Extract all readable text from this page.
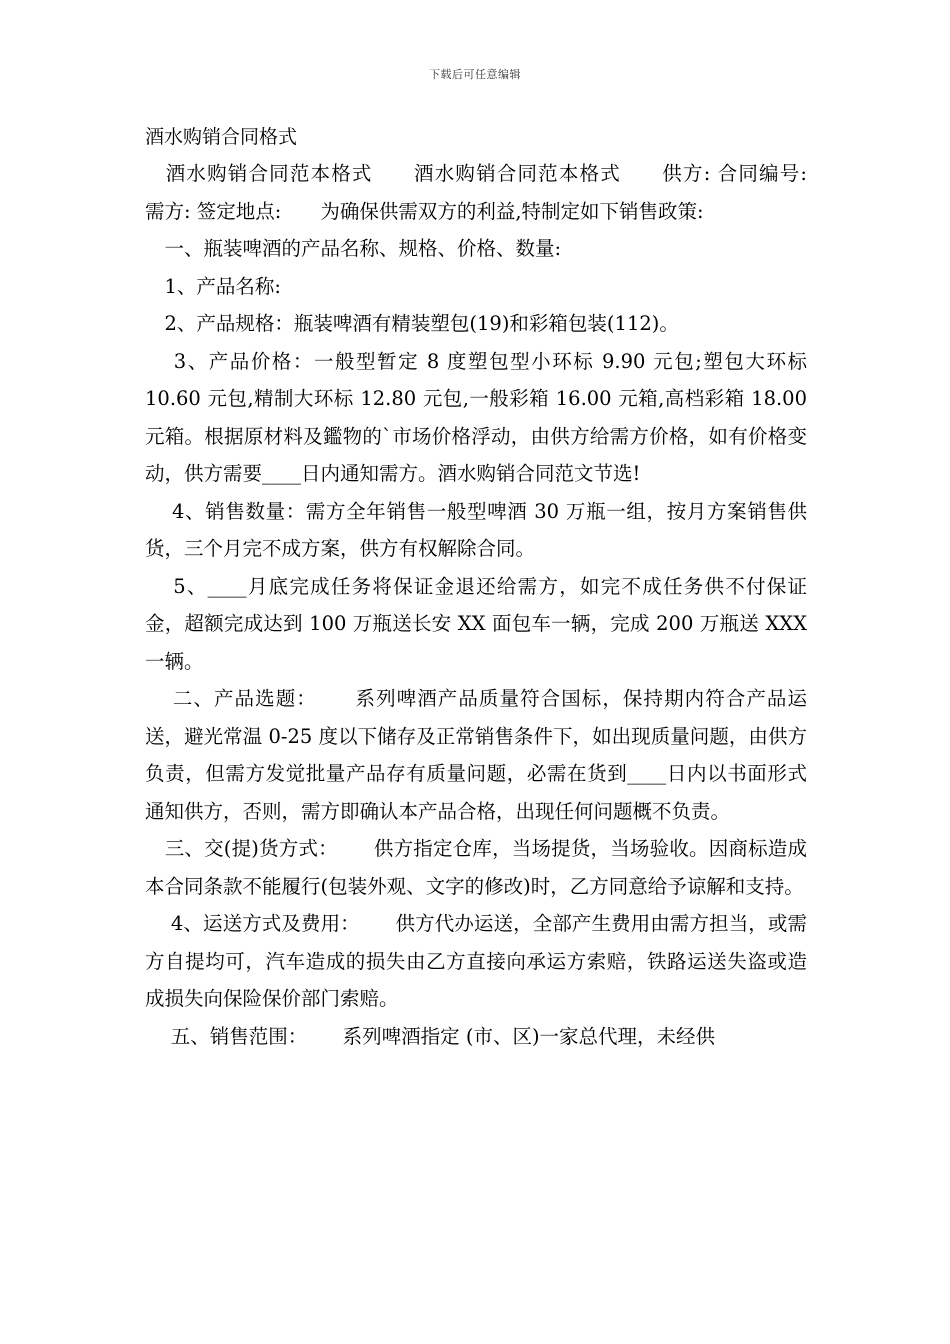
下载后可任意编辑
酒水购销合同格式

　酒水购销合同范本格式　　酒水购销合同范本格式　　供方: 合同编号:　　需方: 签定地点:　　为确保供需双方的利益,特制定如下销售政策:

　一、瓶装啤酒的产品名称、规格、价格、数量:

　1、产品名称:

　2、产品规格：瓶装啤酒有精装塑包(19)和彩箱包装(112)。

　 3、产品价格：一般型暂定 8 度塑包型小环标 9.90 元包;塑包大环标 10.60 元包,精制大环标 12.80 元包,一般彩箱 16.00 元箱,高档彩箱 18.00 元箱。根据原材料及鑑物的`市场价格浮动，由供方给需方价格，如有价格变动，供方需要____日内通知需方。酒水购销合同范文节选!

　 4、销售数量：需方全年销售一般型啤酒 30 万瓶一组，按月方案销售供货，三个月完不成方案，供方有权解除合同。

　 5、____月底完成任务将保证金退还给需方，如完不成任务供不付保证金，超额完成达到 100 万瓶送长安 XX 面包车一辆，完成 200 万瓶送 XXX 一辆。

　 二、产品选题：　　 系列啤酒产品质量符合国标，保持期内符合产品运送，避光常温 0-25 度以下储存及正常销售条件下，如出现质量问题，由供方负责，但需方发觉批量产品存有质量问题，必需在货到____日内以书面形式通知供方，否则，需方即确认本产品合格，出现任何问题概不负责。

　三、交(提)货方式：　　 供方指定仓库，当场提货，当场验收。因商标造成本合同条款不能履行(包装外观、文字的修改)时，乙方同意给予谅解和支持。

　 4、运送方式及费用：　　 供方代办运送，全部产生费用由需方担当，或需方自提均可，汽车造成的损失由乙方直接向承运方索赔，铁路运送失盗或造成损失向保险保价部门索赔。

　 五、销售范围：　　 系列啤酒指定 (市、区)一家总代理，未经供
